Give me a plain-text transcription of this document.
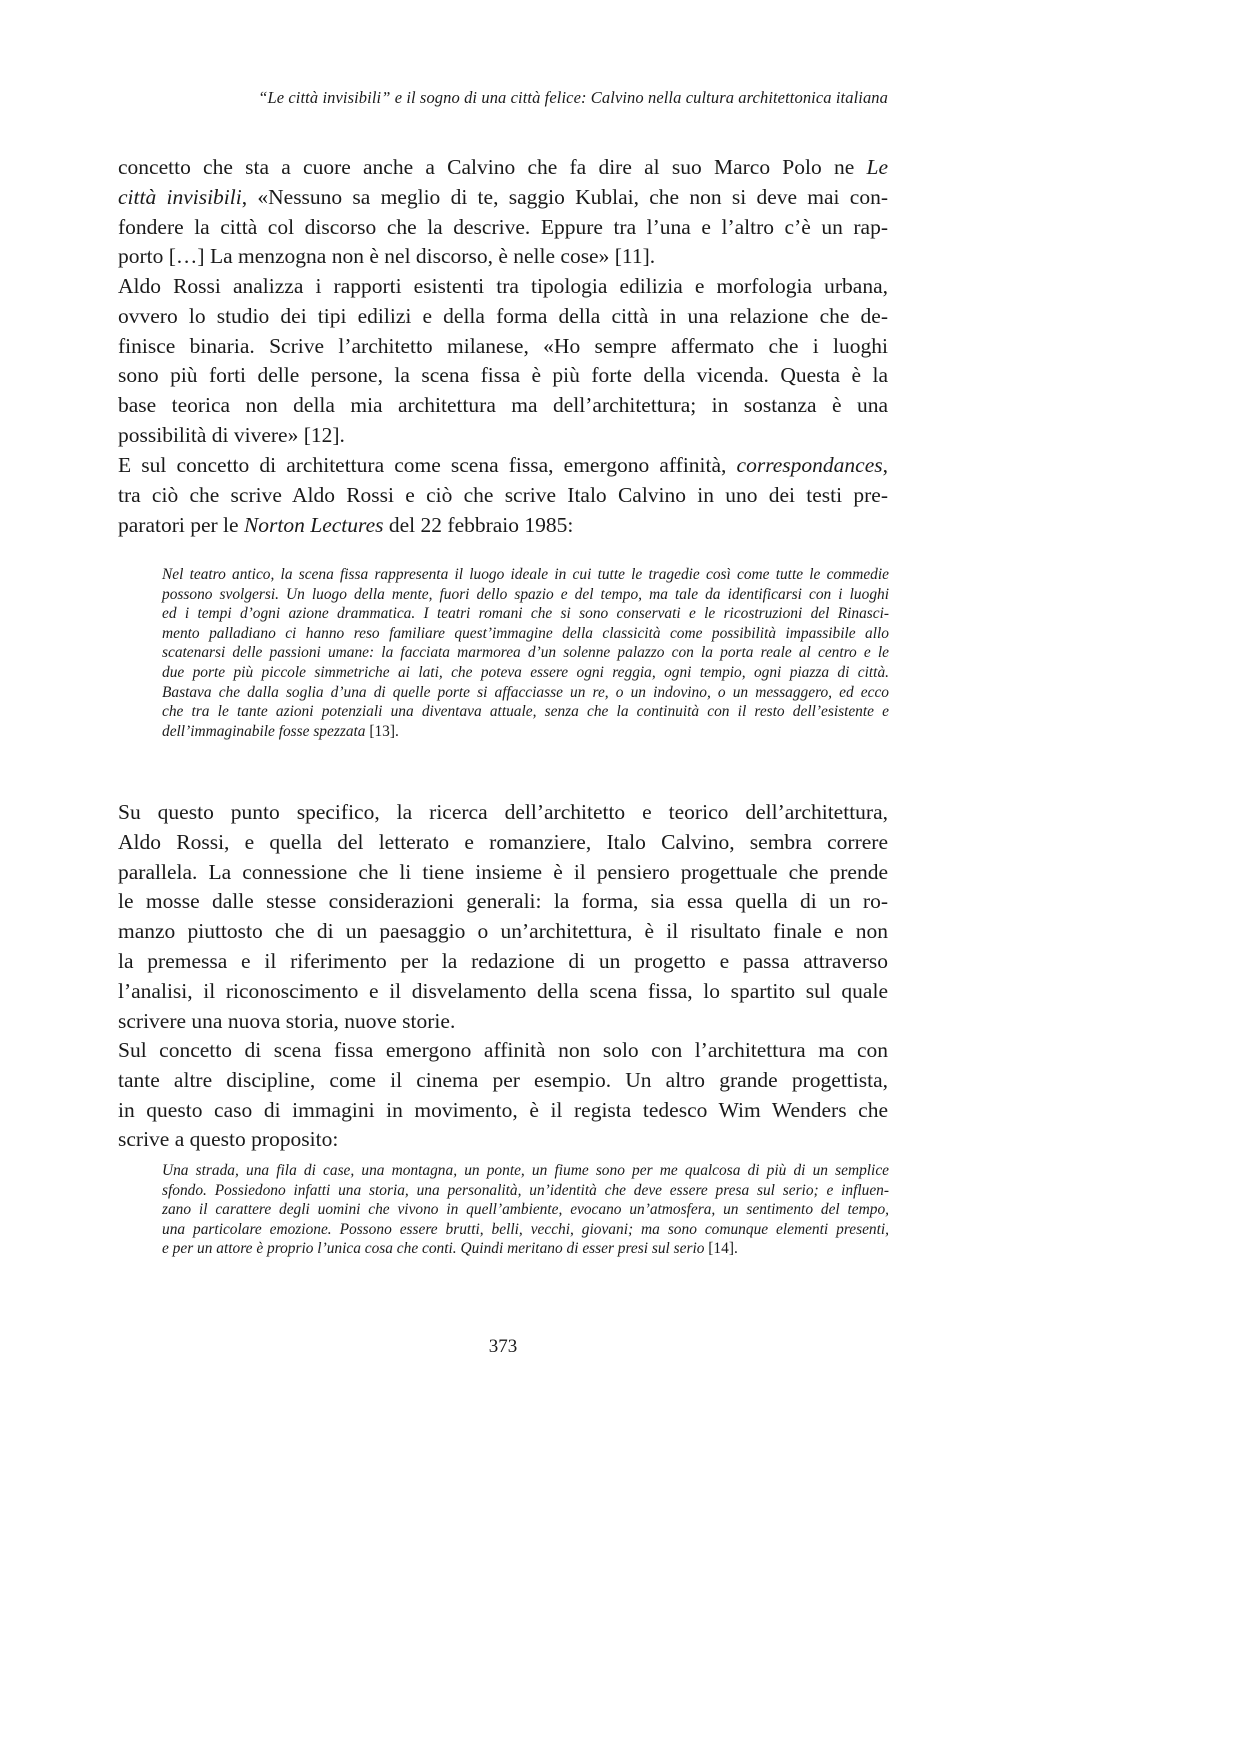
“Le città invisibili” e il sogno di una città felice: Calvino nella cultura architettonica italiana
concetto che sta a cuore anche a Calvino che fa dire al suo Marco Polo ne Le
città invisibili, «Nessuno sa meglio di te, saggio Kublai, che non si deve mai con-
fondere la città col discorso che la descrive. Eppure tra l’una e l’altro c’è un rap-
porto […] La menzogna non è nel discorso, è nelle cose» [11].
Aldo Rossi analizza i rapporti esistenti tra tipologia edilizia e morfologia urbana,
ovvero lo studio dei tipi edilizi e della forma della città in una relazione che de-
finisce binaria. Scrive l’architetto milanese, «Ho sempre affermato che i luoghi
sono più forti delle persone, la scena fissa è più forte della vicenda. Questa è la
base teorica non della mia architettura ma dell’architettura; in sostanza è una
possibilità di vivere» [12].
E sul concetto di architettura come scena fissa, emergono affinità, correspondances,
tra ciò che scrive Aldo Rossi e ciò che scrive Italo Calvino in uno dei testi pre-
paratori per le Norton Lectures del 22 febbraio 1985:
Nel teatro antico, la scena fissa rappresenta il luogo ideale in cui tutte le tragedie così come tutte le commedie
possono svolgersi. Un luogo della mente, fuori dello spazio e del tempo, ma tale da identificarsi con i luoghi
ed i tempi d’ogni azione drammatica. I teatri romani che si sono conservati e le ricostruzioni del Rinasci-
mento palladiano ci hanno reso familiare quest’immagine della classicità come possibilità impassibile allo
scatenarsi delle passioni umane: la facciata marmorea d’un solenne palazzo con la porta reale al centro e le
due porte più piccole simmetriche ai lati, che poteva essere ogni reggia, ogni tempio, ogni piazza di città.
Bastava che dalla soglia d’una di quelle porte si affacciasse un re, o un indovino, o un messaggero, ed ecco
che tra le tante azioni potenziali una diventava attuale, senza che la continuità con il resto dell’esistente e
dell’immaginabile fosse spezzata [13].
Su questo punto specifico, la ricerca dell’architetto e teorico dell’architettura,
Aldo Rossi, e quella del letterato e romanziere, Italo Calvino, sembra correre
parallela. La connessione che li tiene insieme è il pensiero progettuale che prende
le mosse dalle stesse considerazioni generali: la forma, sia essa quella di un ro-
manzo piuttosto che di un paesaggio o un’architettura, è il risultato finale e non
la premessa e il riferimento per la redazione di un progetto e passa attraverso
l’analisi, il riconoscimento e il disvelamento della scena fissa, lo spartito sul quale
scrivere una nuova storia, nuove storie.
Sul concetto di scena fissa emergono affinità non solo con l’architettura ma con
tante altre discipline, come il cinema per esempio. Un altro grande progettista,
in questo caso di immagini in movimento, è il regista tedesco Wim Wenders che
scrive a questo proposito:
Una strada, una fila di case, una montagna, un ponte, un fiume sono per me qualcosa di più di un semplice
sfondo. Possiedono infatti una storia, una personalità, un’identità che deve essere presa sul serio; e influen-
zano il carattere degli uomini che vivono in quell’ambiente, evocano un’atmosfera, un sentimento del tempo,
una particolare emozione. Possono essere brutti, belli, vecchi, giovani; ma sono comunque elementi presenti,
e per un attore è proprio l’unica cosa che conti. Quindi meritano di esser presi sul serio [14].
373
